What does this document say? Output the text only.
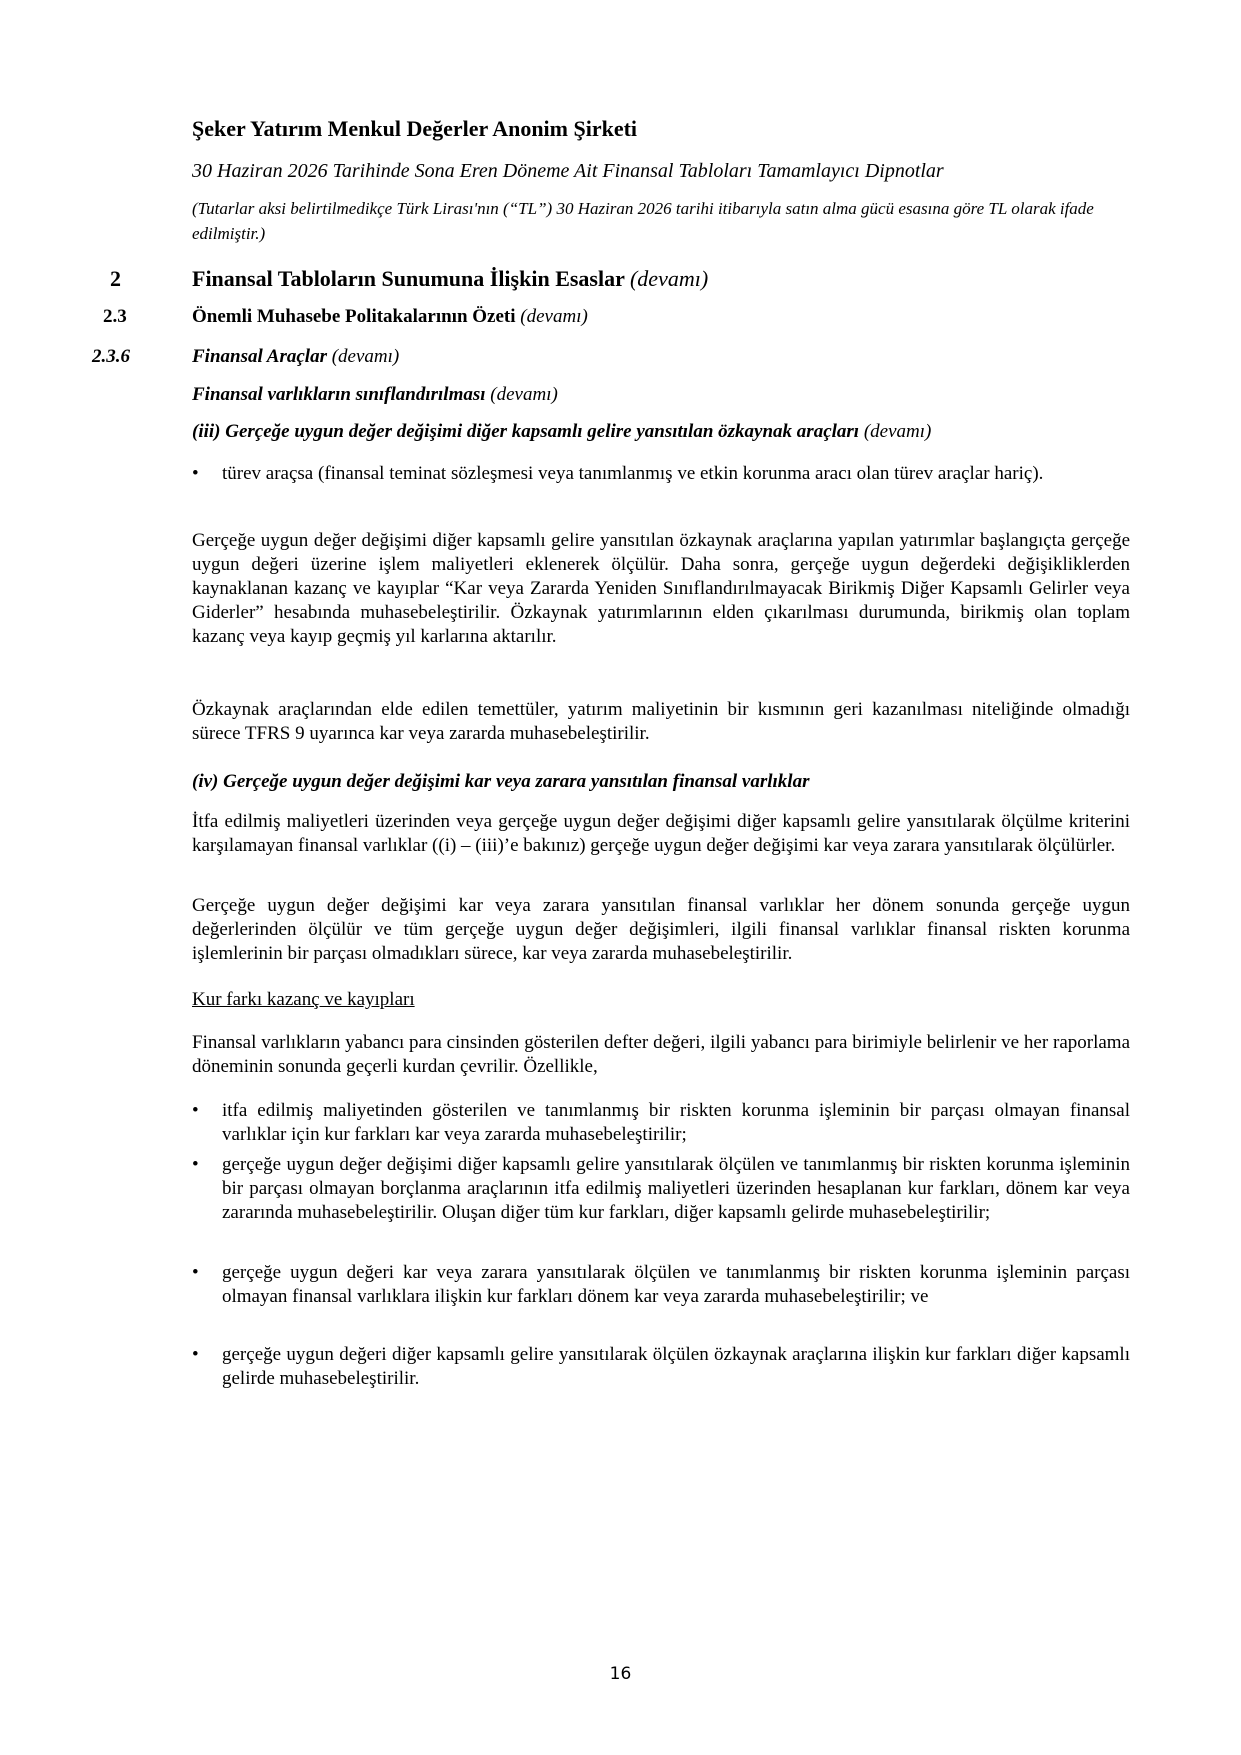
Şeker Yatırım Menkul Değerler Anonim Şirketi
30 Haziran 2026 Tarihinde Sona Eren Döneme Ait Finansal Tabloları Tamamlayıcı Dipnotlar
(Tutarlar aksi belirtilmedikçe Türk Lirası'nın (“TL”) 30 Haziran 2026 tarihi itibarıyla satın alma gücü esasına göre TL olarak ifade edilmiştir.)
2	Finansal Tabloların Sunumuna İlişkin Esaslar (devamı)
2.3	Önemli Muhasebe Politakalarının Özeti (devamı)
2.3.6	Finansal Araçlar (devamı)
Finansal varlıkların sınıflandırılması (devamı)
(iii) Gerçeğe uygun değer değişimi diğer kapsamlı gelire yansıtılan özkaynak araçları (devamı)
• türev araçsa (finansal teminat sözleşmesi veya tanımlanmış ve etkin korunma aracı olan türev araçlar hariç).
Gerçeğe uygun değer değişimi diğer kapsamlı gelire yansıtılan özkaynak araçlarına yapılan yatırımlar başlangıçta gerçeğe uygun değeri üzerine işlem maliyetleri eklenerek ölçülür. Daha sonra, gerçeğe uygun değerdeki değişikliklerden kaynaklanan kazanç ve kayıplar “Kar veya Zararda Yeniden Sınıflandırılmayacak Birikmiş Diğer Kapsamlı Gelirler veya Giderler” hesabında muhasebeleştirilir. Özkaynak yatırımlarının elden çıkarılması durumunda, birikmiş olan toplam kazanç veya kayıp geçmiş yıl karlarına aktarılır.
Özkaynak araçlarından elde edilen temettüler, yatırım maliyetinin bir kısmının geri kazanılması niteliğinde olmadığı sürece TFRS 9 uyarınca kar veya zararda muhasebeleştirilir.
(iv) Gerçeğe uygun değer değişimi kar veya zarara yansıtılan finansal varlıklar
İtfa edilmiş maliyetleri üzerinden veya gerçeğe uygun değer değişimi diğer kapsamlı gelire yansıtılarak ölçülme kriterini karşılamayan finansal varlıklar ((i) – (iii)’e bakınız) gerçeğe uygun değer değişimi kar veya zarara yansıtılarak ölçülürler.
Gerçeğe uygun değer değişimi kar veya zarara yansıtılan finansal varlıklar her dönem sonunda gerçeğe uygun değerlerinden ölçülür ve tüm gerçeğe uygun değer değişimleri, ilgili finansal varlıklar finansal riskten korunma işlemlerinin bir parçası olmadıkları sürece, kar veya zararda muhasebeleştirilir.
Kur farkı kazanç ve kayıpları
Finansal varlıkların yabancı para cinsinden gösterilen defter değeri, ilgili yabancı para birimiyle belirlenir ve her raporlama döneminin sonunda geçerli kurdan çevrilir. Özellikle,
• itfa edilmiş maliyetinden gösterilen ve tanımlanmış bir riskten korunma işleminin bir parçası olmayan finansal varlıklar için kur farkları kar veya zararda muhasebeleştirilir;
• gerçeğe uygun değer değişimi diğer kapsamlı gelire yansıtılarak ölçülen ve tanımlanmış bir riskten korunma işleminin bir parçası olmayan borçlanma araçlarının itfa edilmiş maliyetleri üzerinden hesaplanan kur farkları, dönem kar veya zararında muhasebeleştirilir. Oluşan diğer tüm kur farkları, diğer kapsamlı gelirde muhasebeleştirilir;
• gerçeğe uygun değeri kar veya zarara yansıtılarak ölçülen ve tanımlanmış bir riskten korunma işleminin parçası olmayan finansal varlıklara ilişkin kur farkları dönem kar veya zararda muhasebeleştirilir; ve
• gerçeğe uygun değeri diğer kapsamlı gelire yansıtılarak ölçülen özkaynak araçlarına ilişkin kur farkları diğer kapsamlı gelirde muhasebeleştirilir.
16
